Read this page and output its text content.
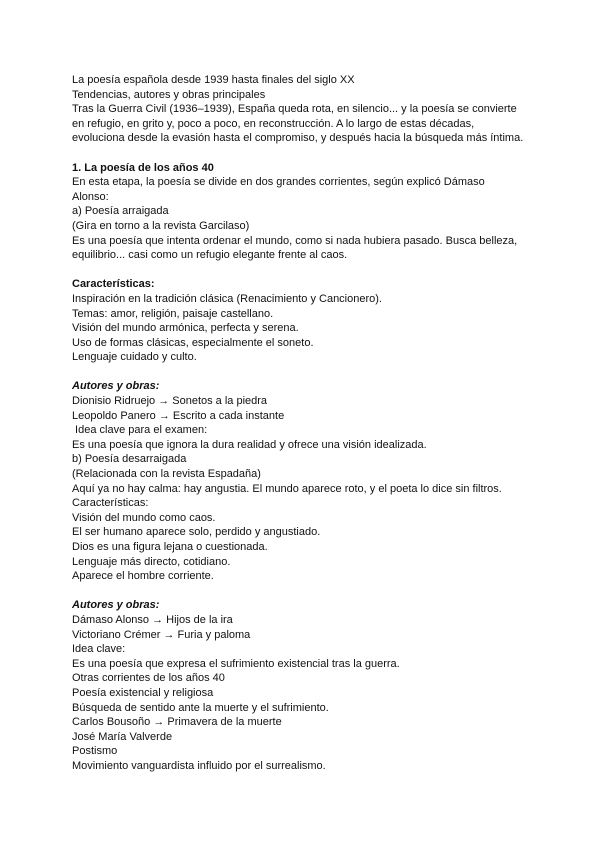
La poesía española desde 1939 hasta finales del siglo XX
Tendencias, autores y obras principales
Tras la Guerra Civil (1936–1939), España queda rota, en silencio... y la poesía se convierte
en refugio, en grito y, poco a poco, en reconstrucción. A lo largo de estas décadas,
evoluciona desde la evasión hasta el compromiso, y después hacia la búsqueda más íntima.
1. La poesía de los años 40
En esta etapa, la poesía se divide en dos grandes corrientes, según explicó Dámaso
Alonso:
a) Poesía arraigada
(Gira en torno a la revista Garcilaso)
Es una poesía que intenta ordenar el mundo, como si nada hubiera pasado. Busca belleza,
equilibrio... casi como un refugio elegante frente al caos.
Características:
Inspiración en la tradición clásica (Renacimiento y Cancionero).
Temas: amor, religión, paisaje castellano.
Visión del mundo armónica, perfecta y serena.
Uso de formas clásicas, especialmente el soneto.
Lenguaje cuidado y culto.
Autores y obras:
Dionisio Ridruejo → Sonetos a la piedra
Leopoldo Panero → Escrito a cada instante
Idea clave para el examen:
Es una poesía que ignora la dura realidad y ofrece una visión idealizada.
b) Poesía desarraigada
(Relacionada con la revista Espadaña)
Aquí ya no hay calma: hay angustia. El mundo aparece roto, y el poeta lo dice sin filtros.
Características:
Visión del mundo como caos.
El ser humano aparece solo, perdido y angustiado.
Dios es una figura lejana o cuestionada.
Lenguaje más directo, cotidiano.
Aparece el hombre corriente.
Autores y obras:
Dámaso Alonso → Hijos de la ira
Victoriano Crémer → Furia y paloma
Idea clave:
Es una poesía que expresa el sufrimiento existencial tras la guerra.
Otras corrientes de los años 40
Poesía existencial y religiosa
Búsqueda de sentido ante la muerte y el sufrimiento.
Carlos Bousoño → Primavera de la muerte
José María Valverde
Postismo
Movimiento vanguardista influido por el surrealismo.
